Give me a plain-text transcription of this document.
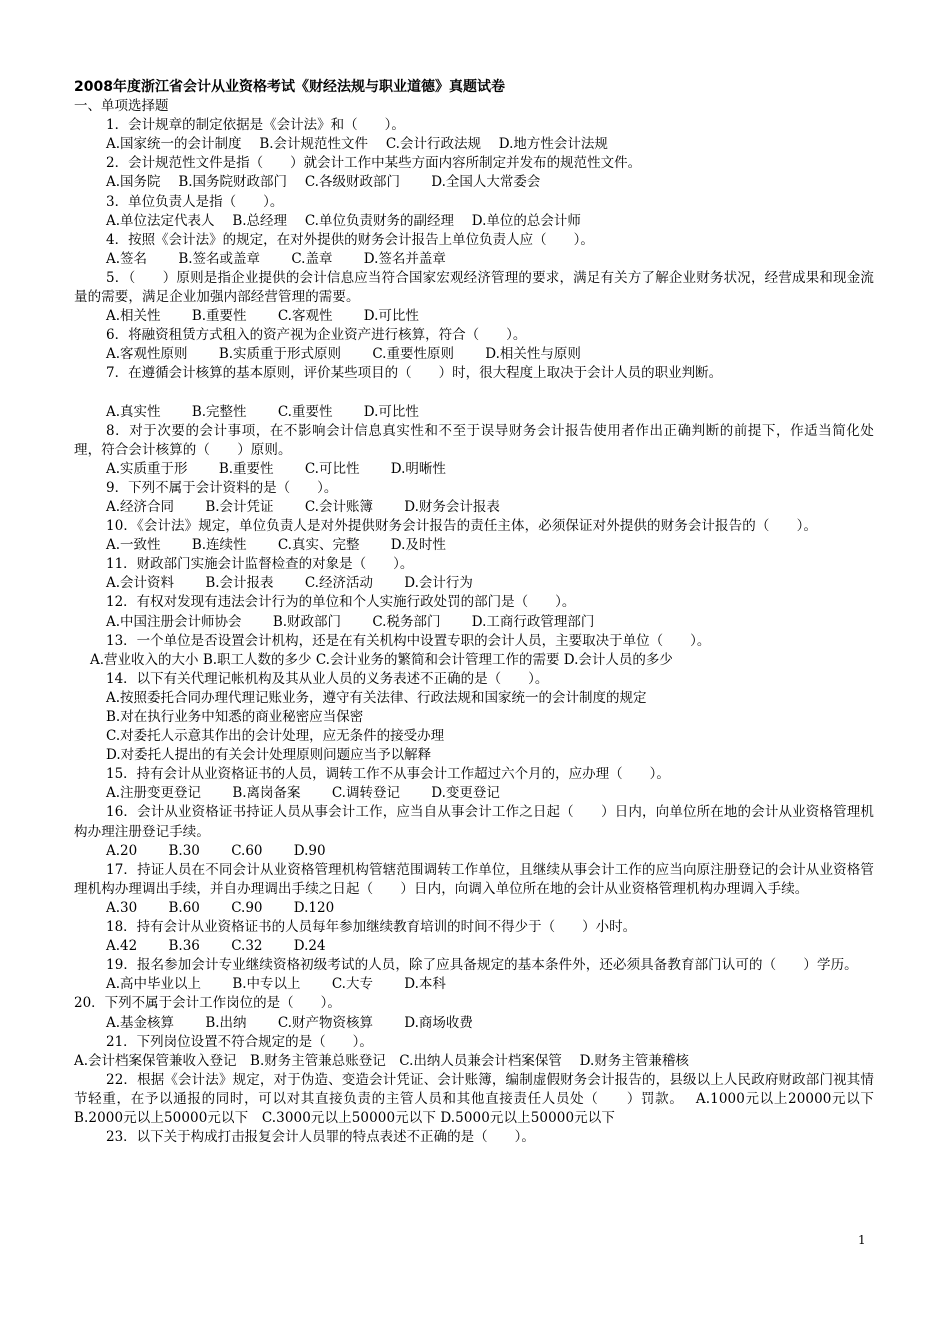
2008年度浙江省会计从业资格考试《财经法规与职业道德》真题试卷
一、单项选择题
1．会计规章的制定依据是《会计法》和（　　）。
A.国家统一的会计制度　 B.会计规范性文件　 C.会计行政法规　 D.地方性会计法规
2．会计规范性文件是指（　　）就会计工作中某些方面内容所制定并发布的规范性文件。
A.国务院　 B.国务院财政部门　 C.各级财政部门　　 D.全国人大常委会
3．单位负责人是指（　　）。
A.单位法定代表人　 B.总经理　 C.单位负责财务的副经理　 D.单位的总会计师
4．按照《会计法》的规定，在对外提供的财务会计报告上单位负责人应（　　）。
A.签名　　 B.签名或盖章　　 C.盖章　　 D.签名并盖章
5．（　　）原则是指企业提供的会计信息应当符合国家宏观经济管理的要求，满足有关方了解企业财务状况，经营成果和现金流量的需要，满足企业加强内部经营管理的需要。
A.相关性　　 B.重要性　　 C.客观性　　 D.可比性
6．将融资租赁方式租入的资产视为企业资产进行核算，符合（　　）。
A.客观性原则　　 B.实质重于形式原则　　 C.重要性原则　　 D.相关性与原则
7．在遵循会计核算的基本原则，评价某些项目的（　　）时，很大程度上取决于会计人员的职业判断。
A.真实性　　 B.完整性　　 C.重要性　　 D.可比性
8．对于次要的会计事项，在不影响会计信息真实性和不至于误导财务会计报告使用者作出正确判断的前提下，作适当简化处理，符合会计核算的（　　）原则。
A.实质重于形　　 B.重要性　　 C.可比性　　 D.明晰性
9．下列不属于会计资料的是（　　）。
A.经济合同　　 B.会计凭证　　 C.会计账簿　　 D.财务会计报表
10．《会计法》规定，单位负责人是对外提供财务会计报告的责任主体，必须保证对外提供的财务会计报告的（　　）。
A.一致性　　 B.连续性　　 C.真实、完整　　 D.及时性
11．财政部门实施会计监督检查的对象是（　　）。
A.会计资料　　 B.会计报表　　 C.经济活动　　 D.会计行为
12．有权对发现有违法会计行为的单位和个人实施行政处罚的部门是（　　）。
A.中国注册会计师协会　　 B.财政部门　　 C.税务部门　　 D.工商行政管理部门
13．一个单位是否设置会计机构，还是在有关机构中设置专职的会计人员，主要取决于单位（　　）。
A.营业收入的大小 B.职工人数的多少 C.会计业务的繁简和会计管理工作的需要 D.会计人员的多少
14．以下有关代理记帐机构及其从业人员的义务表述不正确的是（　　）。
A.按照委托合同办理代理记账业务，遵守有关法律、行政法规和国家统一的会计制度的规定
B.对在执行业务中知悉的商业秘密应当保密
C.对委托人示意其作出的会计处理，应无条件的接受办理
D.对委托人提出的有关会计处理原则问题应当予以解释
15．持有会计从业资格证书的人员，调转工作不从事会计工作超过六个月的，应办理（　　）。
A.注册变更登记　　 B.离岗备案　　 C.调转登记　　 D.变更登记
16．会计从业资格证书持证人员从事会计工作，应当自从事会计工作之日起（　　）日内，向单位所在地的会计从业资格管理机构办理注册登记手续。
A.20　　 B.30　　 C.60　　 D.90
17．持证人员在不同会计从业资格管理机构管辖范围调转工作单位，且继续从事会计工作的应当向原注册登记的会计从业资格管理机构办理调出手续，并自办理调出手续之日起（　　）日内，向调入单位所在地的会计从业资格管理机构办理调入手续。
A.30　　 B.60　　 C.90　　 D.120
18．持有会计从业资格证书的人员每年参加继续教育培训的时间不得少于（　　）小时。
A.42　　 B.36　　 C.32　　 D.24
19．报名参加会计专业继续资格初级考试的人员，除了应具备规定的基本条件外，还必须具备教育部门认可的（　　）学历。
A.高中毕业以上　　 B.中专以上　　 C.大专　　 D.本科
20．下列不属于会计工作岗位的是（　　）。
A.基金核算　　 B.出纳　　 C.财产物资核算　　 D.商场收费
21．下列岗位设置不符合规定的是（　　）。
A.会计档案保管兼收入登记　B.财务主管兼总账登记　C.出纳人员兼会计档案保管　 D.财务主管兼稽核
22．根据《会计法》规定，对于伪造、变造会计凭证、会计账簿，编制虚假财务会计报告的，县级以上人民政府财政部门视其情节轻重，在予以通报的同时，可以对其直接负责的主管人员和其他直接责任人员处（　　）罚款。　 A.1000元以上20000元以下 B.2000元以上50000元以下　C.3000元以上50000元以下 D.5000元以上50000元以下
23．以下关于构成打击报复会计人员罪的特点表述不正确的是（　　）。
1
